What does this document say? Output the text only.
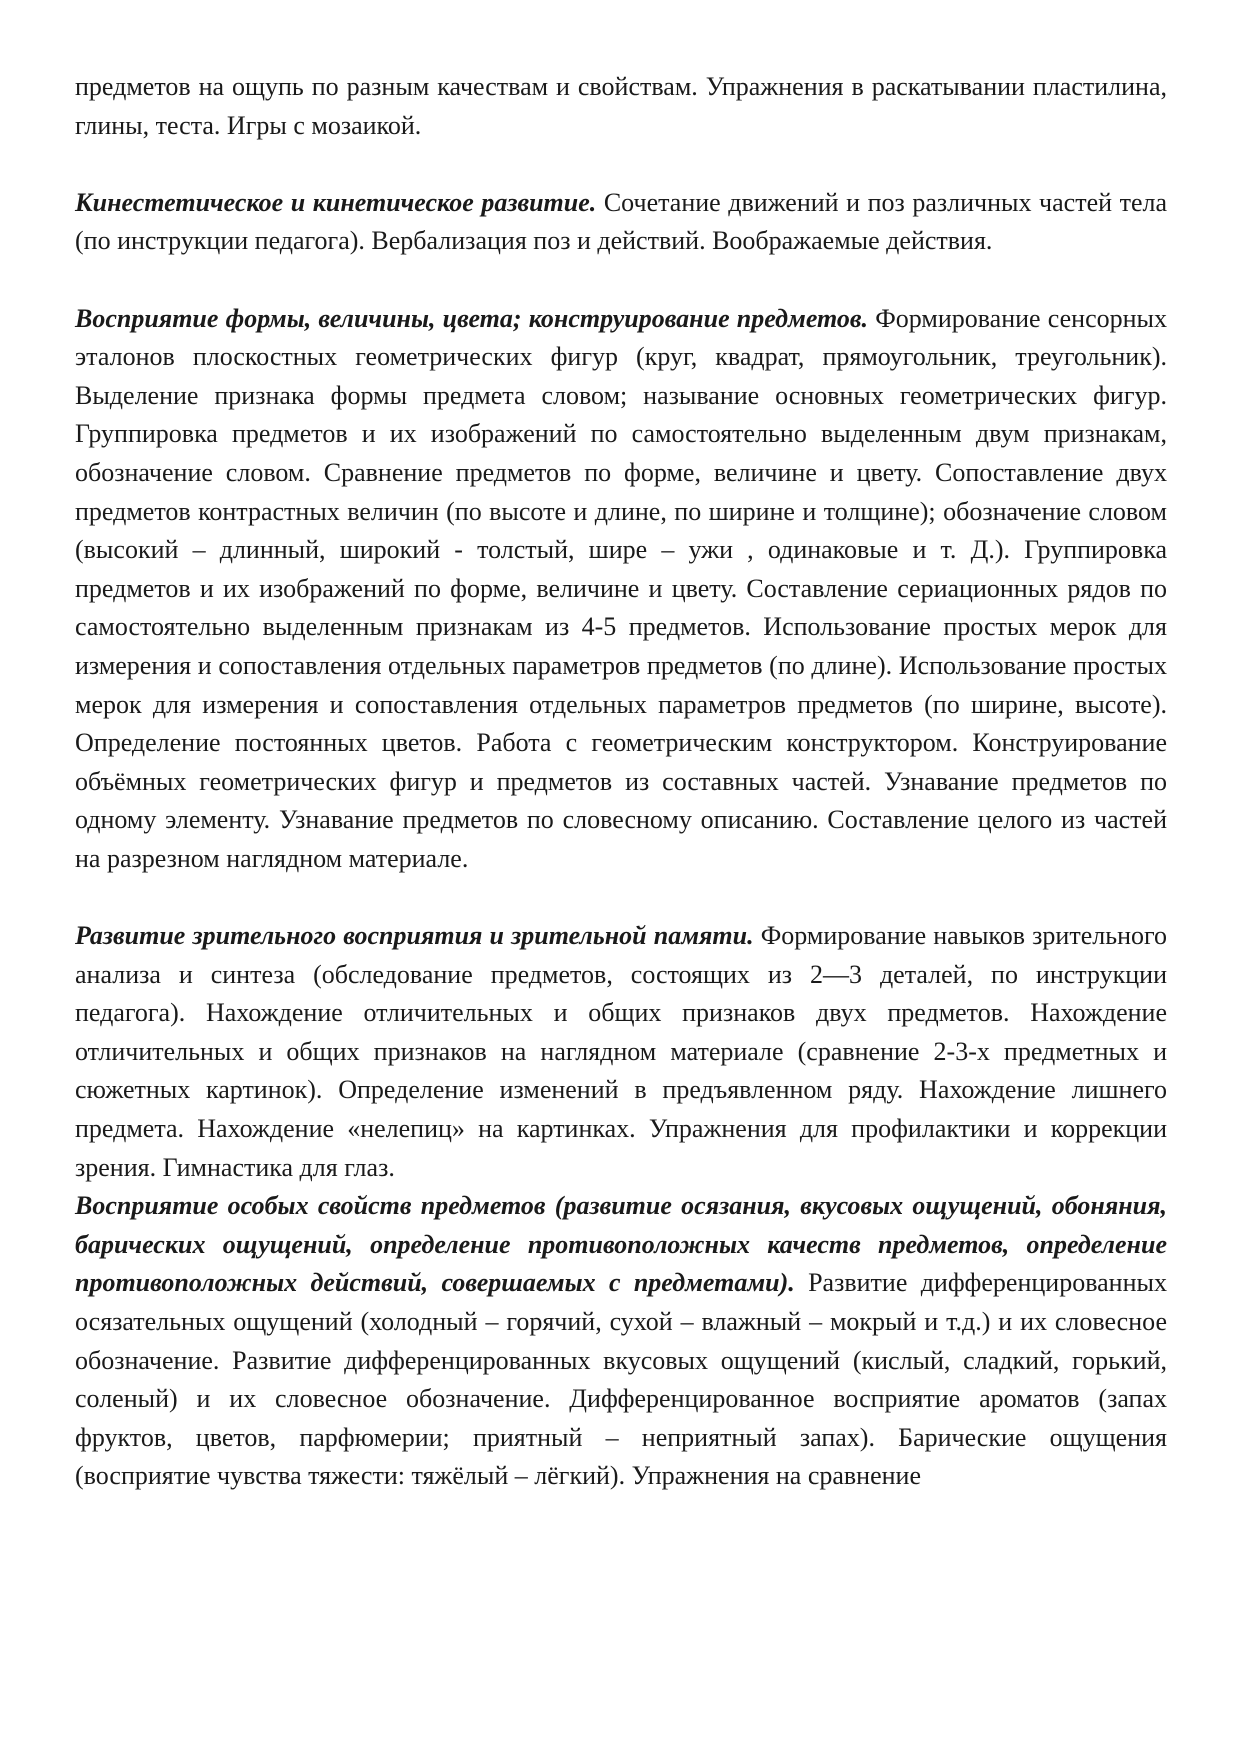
предметов на ощупь по разным качествам и свойствам. Упражнения в раскатывании пластилина, глины, теста. Игры с мозаикой.

Кинестетическое и кинетическое развитие. Сочетание движений и поз различных частей тела (по инструкции педагога). Вербализация поз и действий. Воображаемые действия.

Восприятие формы, величины, цвета; конструирование предметов. Формирование сенсорных эталонов плоскостных геометрических фигур (круг, квадрат, прямоугольник, треугольник). Выделение признака формы предмета словом; называние основных геометрических фигур. Группировка предметов и их изображений по самостоятельно выделенным двум признакам, обозначение словом. Сравнение предметов по форме, величине и цвету. Сопоставление двух предметов контрастных величин (по высоте и длине, по ширине и толщине); обозначение словом (высокий – длинный, широкий - толстый, шире – ужи , одинаковые и т. Д.). Группировка предметов и их изображений по форме, величине и цвету. Составление сериационных рядов по самостоятельно выделенным признакам из 4-5 предметов. Использование простых мерок для измерения и сопоставления отдельных параметров предметов (по длине). Использование простых мерок для измерения и сопоставления отдельных параметров предметов (по ширине, высоте). Определение постоянных цветов. Работа с геометрическим конструктором. Конструирование объёмных геометрических фигур и предметов из составных частей. Узнавание предметов по одному элементу. Узнавание предметов по словесному описанию. Составление целого из частей на разрезном наглядном материале.

Развитие зрительного восприятия и зрительной памяти. Формирование навыков зрительного анализа и синтеза (обследование предметов, состоящих из 2—3 деталей, по инструкции педагога). Нахождение отличительных и общих признаков двух предметов. Нахождение отличительных и общих признаков на наглядном материале (сравнение 2-3-х предметных и сюжетных картинок). Определение изменений в предъявленном ряду. Нахождение лишнего предмета. Нахождение «нелепиц» на картинках. Упражнения для профилактики и коррекции зрения. Гимнастика для глаз.

Восприятие особых свойств предметов (развитие осязания, вкусовых ощущений, обоняния, барических ощущений, определение противоположных качеств предметов, определение противоположных действий, совершаемых с предметами). Развитие дифференцированных осязательных ощущений (холодный – горячий, сухой – влажный – мокрый и т.д.) и их словесное обозначение. Развитие дифференцированных вкусовых ощущений (кислый, сладкий, горький, соленый) и их словесное обозначение. Дифференцированное восприятие ароматов (запах фруктов, цветов, парфюмерии; приятный – неприятный запах). Барические ощущения (восприятие чувства тяжести: тяжёлый – лёгкий). Упражнения на сравнение
